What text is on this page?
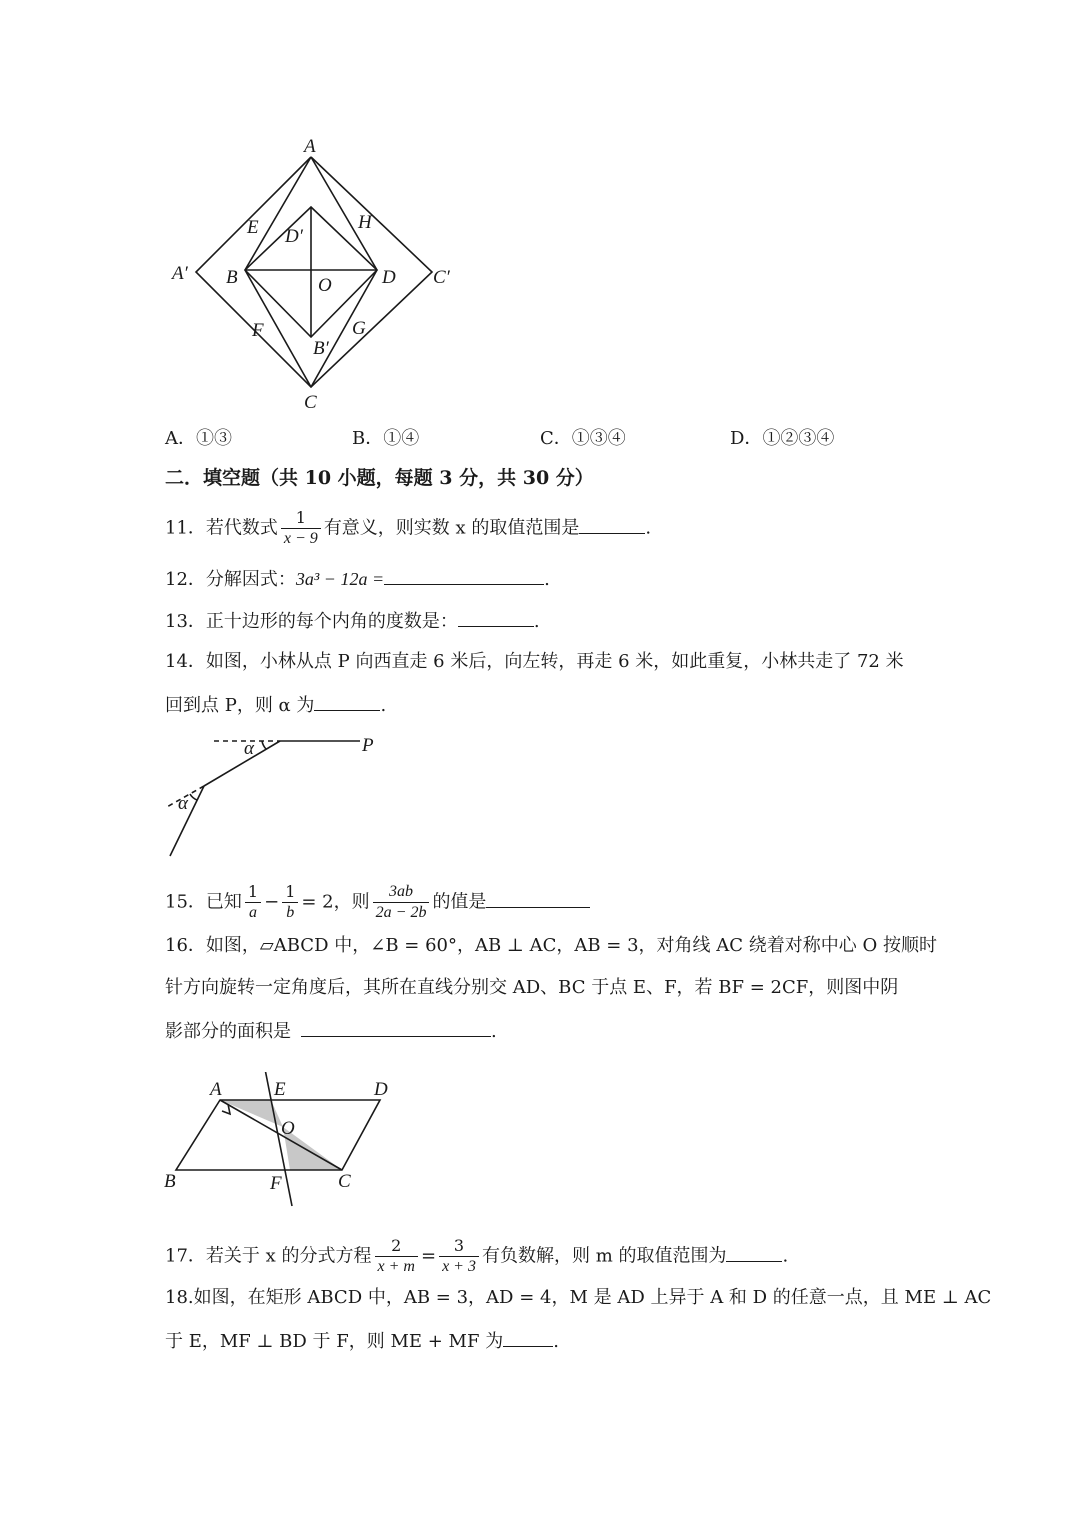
A
E D′
H
A′ B	O	D C′
F	G
B′
C
A．①③	B．①④	C．①③④	D．①②③④
二．填空题（共 10 小题，每题 3 分，共 30 分）
11．若代数式 $\frac{1}{x - 9}$ 有意义，则实数 x 的取值范围是	.
12．分解因式：3a³ − 12a =	.
13．正十边形的每个内角的度数是：	.
14．如图，小林从点 P 向西直走 6 米后，向左转，再走 6 米，如此重复，小林共走了 72 米
回到点 P，则 α 为	.
P
α
α
15．已知 $\frac{1}{a} - \frac{1}{b} = 2$，则 $\frac{3ab}{2a - 2b}$ 的值是
16．如图，▱ABCD 中，∠B = 60°，AB ⊥ AC，AB = 3，对角线 AC 绕着对称中心 O 按顺时
针方向旋转一定角度后，其所在直线分别交 AD、BC 于点 E、F，若 BF = 2CF，则图中阴
影部分的面积是	.
A	E	D
O
B	F	C
17．若关于 x 的分式方程 $\frac{2}{x + m} = \frac{3}{x + 3}$ 有负数解，则 m 的取值范围为	.
18.如图，在矩形 ABCD 中，AB = 3，AD = 4，M 是 AD 上异于 A 和 D 的任意一点，且 ME ⊥ AC
于 E，MF ⊥ BD 于 F，则 ME + MF 为	.
